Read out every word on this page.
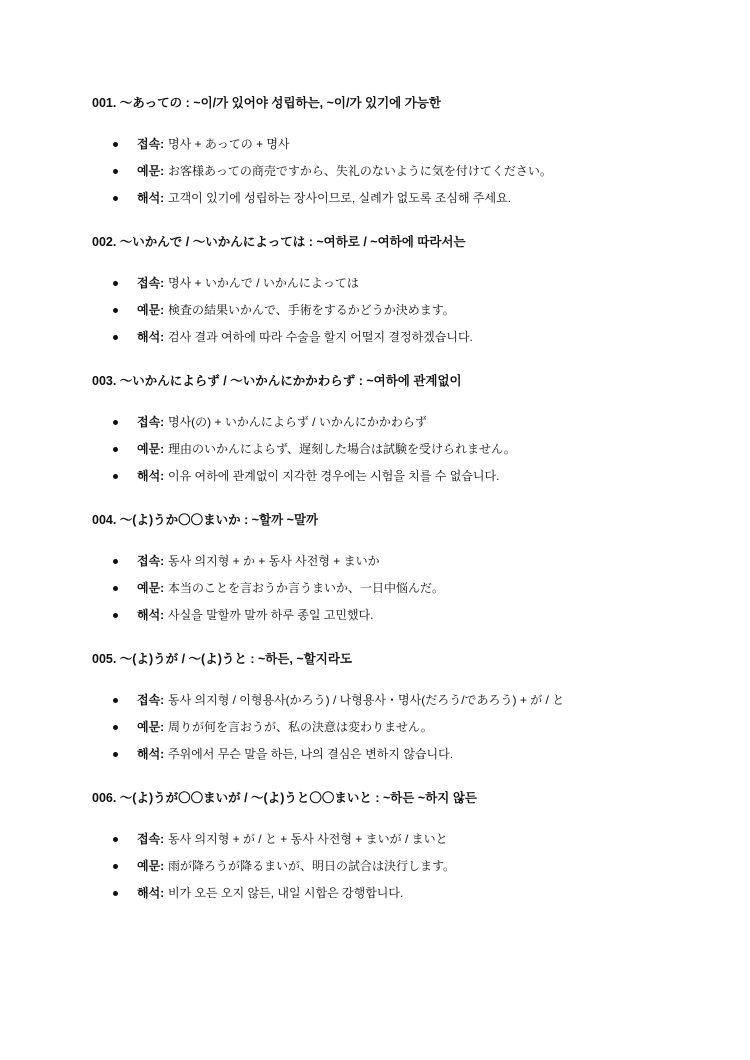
001. 〜あっての : ~이/가 있어야 성립하는, ~이/가 있기에 가능한
접속: 명사 + あっての + 명사
예문: お客様あっての商売ですから、失礼のないように気を付けてください。
해석: 고객이 있기에 성립하는 장사이므로, 실례가 없도록 조심해 주세요.
002. 〜いかんで / 〜いかんによっては : ~여하로 / ~여하에 따라서는
접속: 명사 + いかんで / いかんによっては
예문: 検査の結果いかんで、手術をするかどうか決めます。
해석: 검사 결과 여하에 따라 수술을 할지 어떨지 결정하겠습니다.
003. 〜いかんによらず / 〜いかんにかかわらず : ~여하에 관계없이
접속: 명사(の) + いかんによらず / いかんにかかわらず
예문: 理由のいかんによらず、遅刻した場合は試験を受けられません。
해석: 이유 여하에 관계없이 지각한 경우에는 시험을 치를 수 없습니다.
004. 〜(よ)うか〇〇まいか : ~할까 ~말까
접속: 동사 의지형 + か + 동사 사전형 + まいか
예문: 本当のことを言おうか言うまいか、一日中悩んだ。
해석: 사실을 말할까 말까 하루 종일 고민했다.
005. 〜(よ)うが / 〜(よ)うと : ~하든, ~할지라도
접속: 동사 의지형 / 이형용사(かろう) / 나형용사・명사(だろう/であろう) + が / と
예문: 周りが何を言おうが、私の決意は変わりません。
해석: 주위에서 무슨 말을 하든, 나의 결심은 변하지 않습니다.
006. 〜(よ)うが〇〇まいが / 〜(よ)うと〇〇まいと : ~하든 ~하지 않든
접속: 동사 의지형 + が / と + 동사 사전형 + まいが / まいと
예문: 雨が降ろうが降るまいが、明日の試合は決行します。
해석: 비가 오든 오지 않든, 내일 시합은 강행합니다.
